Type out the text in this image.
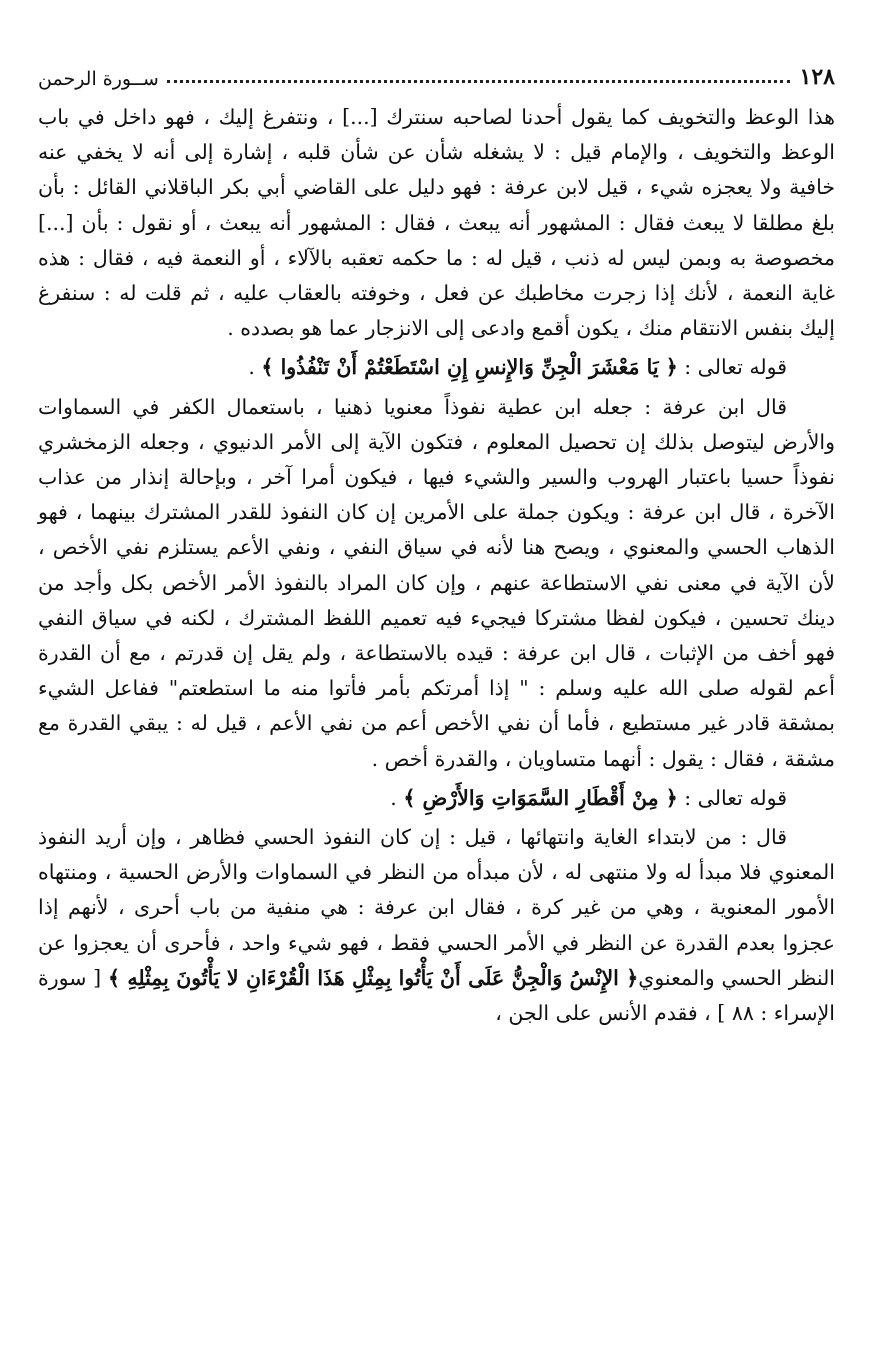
١٢٨
ســورة الرحمن

هذا الوعظ والتخويف كما يقول أحدنا لصاحبه سنترك [...] ، ونتفرغ إليك ، فهو داخل في باب الوعظ والتخويف ، والإمام قيل : لا يشغله شأن عن شأن قلبه ، إشارة إلى أنه لا يخفي عنه خافية ولا يعجزه شيء ، قيل لابن عرفة : فهو دليل على القاضي أبي بكر الباقلاني القائل : بأن بلغ مطلقا لا يبعث فقال : المشهور أنه يبعث ، فقال : المشهور أنه يبعث ، أو نقول : بأن [...] مخصوصة به وبمن ليس له ذنب ، قيل له : ما حكمه تعقبه بالآلاء ، أو النعمة فيه ، فقال : هذه غاية النعمة ، لأنك إذا زجرت مخاطبك عن فعل ، وخوفته بالعقاب عليه ، ثم قلت له : سنفرغ إليك بنفس الانتقام منك ، يكون أقمع وادعى إلى الانزجار عما هو بصدده .

قوله تعالى : ﴿ يَا مَعْشَرَ الْجِنِّ وَالإِنسِ إِنِ اسْتَطَعْتُمْ أَنْ تَنْفُذُوا ﴾ .

قال ابن عرفة : جعله ابن عطية نفوذاً معنويا ذهنيا ، باستعمال الكفر في السماوات والأرض ليتوصل بذلك إن تحصيل المعلوم ، فتكون الآية إلى الأمر الدنيوي ، وجعله الزمخشري نفوذاً حسيا باعتبار الهروب والسير والشيء فيها ، فيكون أمرا آخر ، وبإحالة إنذار من عذاب الآخرة ، قال ابن عرفة : ويكون جملة على الأمرين إن كان النفوذ للقدر المشترك بينهما ، فهو الذهاب الحسي والمعنوي ، ويصح هنا لأنه في سياق النفي ، ونفي الأعم يستلزم نفي الأخص ، لأن الآية في معنى نفي الاستطاعة عنهم ، وإن كان المراد بالنفوذ الأمر الأخص بكل وأجد من دينك تحسين ، فيكون لفظا مشتركا فيجيء فيه تعميم اللفظ المشترك ، لكنه في سياق النفي فهو أخف من الإثبات ، قال ابن عرفة : قيده بالاستطاعة ، ولم يقل إن قدرتم ، مع أن القدرة أعم لقوله صلى الله عليه وسلم : " إذا أمرتكم بأمر فأتوا منه ما استطعتم" ففاعل الشيء بمشقة قادر غير مستطيع ، فأما أن نفي الأخص أعم من نفي الأعم ، قيل له : يبقي القدرة مع مشقة ، فقال : يقول : أنهما متساويان ، والقدرة أخص .

قوله تعالى : ﴿ مِنْ أَقْطَارِ السَّمَوَاتِ وَالأَرْضِ ﴾ .

قال : من لابتداء الغاية وانتهائها ، قيل : إن كان النفوذ الحسي فظاهر ، وإن أريد النفوذ المعنوي فلا مبدأ له ولا منتهى له ، لأن مبدأه من النظر في السماوات والأرض الحسية ، ومنتهاه الأمور المعنوية ، وهي من غير كرة ، فقال ابن عرفة : هي منفية من باب أحرى ، لأنهم إذا عجزوا بعدم القدرة عن النظر في الأمر الحسي فقط ، فهو شيء واحد ، فأحرى أن يعجزوا عن النظر الحسي والمعنوي﴿ الإِنْسُ وَالْجِنُّ عَلَى أَنْ يَأْتُوا بِمِثْلِ هَذَا الْقُرْءَانِ لا يَأْتُونَ بِمِثْلِهِ ﴾ [ سورة الإسراء : ٨٨ ] ، فقدم الأنس على الجن ،
